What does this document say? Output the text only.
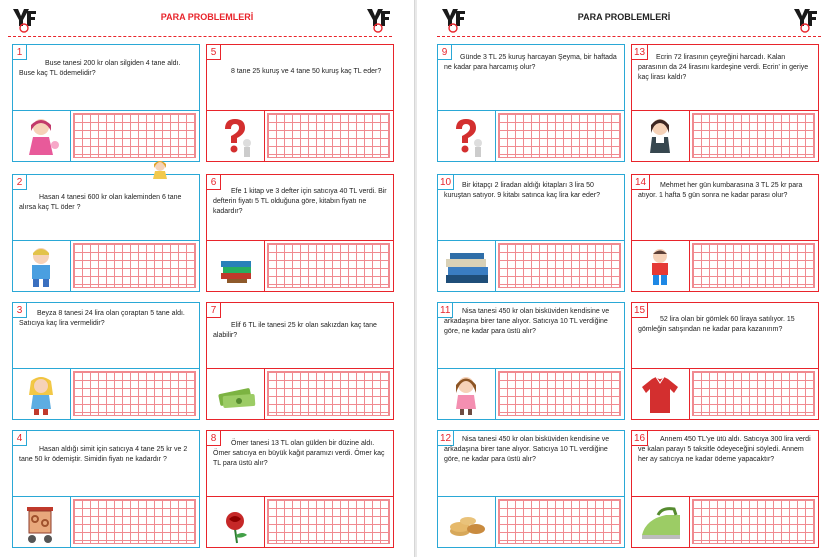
PARA PROBLEMLERİ
1
Buse tanesi 200 kr olan silgiden 4 tane aldı. Buse kaç TL ödemelidir?
5
8 tane 25 kuruş ve 4 tane 50 kuruş kaç TL eder?
2
Hasan 4 tanesi 600 kr olan kaleminden 6 tane alırsa kaç TL öder ?
6
Efe 1 kitap ve 3 defter için satıcıya 40 TL verdi. Bir defterin fiyatı 5 TL olduğuna göre, kitabın fiyatı ne kadardır?
3	Beyza 8 tanesi 24 lira olan çoraptan 5 tane aldı. Satıcıya kaç lira vermelidir?
7
Elif 6 TL ile tanesi 25 kr olan sakızdan kaç tane alabilir?
4
Hasan aldığı simit için satıcıya 4 tane 25 kr ve 2 tane 50 kr ödemiştir. Simidin fiyatı ne kadardır ?
8	Ömer tanesi 13 TL olan gülden bir düzine aldı. Ömer satıcıya en büyük kağıt paramızı verdi. Ömer kaç TL para üstü alır?
PARA PROBLEMLERİ
9	Günde 3 TL 25 kuruş harcayan Şeyma, bir haftada ne kadar para harcamış olur?
13	Ecrin 72 lirasının çeyreğini harcadı. Kalan parasının da 24 lirasını kardeşine verdi. Ecrin' in geriye kaç lirası kaldı?
10	Bir kitapçı 2 liradan aldığı kitapları 3 lira 50 kuruştan satıyor. 9 kitabı satınca kaç lira kar eder?
14	Mehmet her gün kumbarasına 3 TL 25 kr para atıyor. 1 hafta 5 gün sonra ne kadar parası olur?
11	Nisa tanesi 450 kr olan bisküviden kendisine ve arkadaşına birer tane alıyor. Satıcıya 10 TL verdiğine göre, ne kadar para üstü alır?
15
52 lira olan bir gömlek 60 liraya satılıyor. 15 gömleğin satışından ne kadar para kazanırım?
12	Nisa tanesi 450 kr olan bisküviden kendisine ve arkadaşına birer tane alıyor. Satıcıya 10 TL verdiğine göre, ne kadar para üstü alır?
16	Annem 450 TL'ye ütü aldı. Satıcıya 300 lira verdi ve kalan parayı 5 taksitle ödeyeceğini söyledi. Annem her ay satıcıya ne kadar ödeme yapacaktır?
